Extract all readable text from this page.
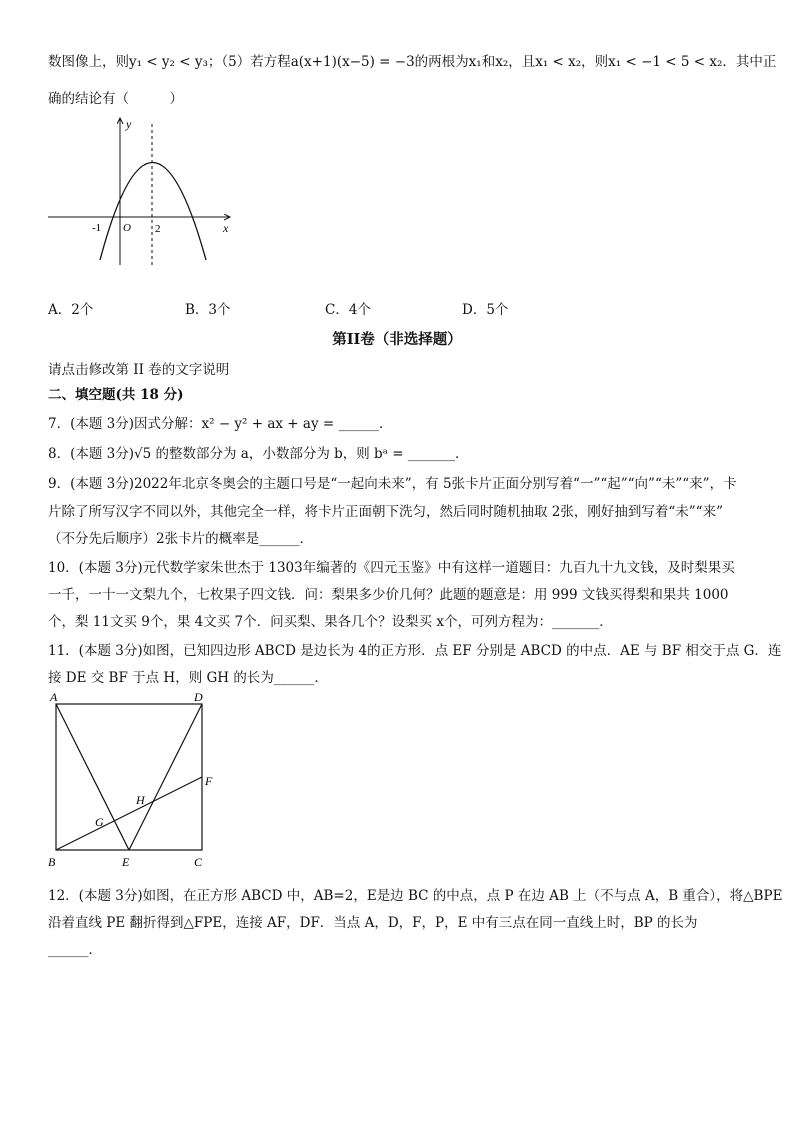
数图像上，则y₁ < y₂ < y₃；（5）若方程a(x+1)(x−5) = −3的两根为x₁和x₂，且x₁ < x₂，则x₁ < −1 < 5 < x₂．其中正
确的结论有（　　　）
y
x
-1 O 2
A．2个	B．3个	C．4个	D．5个
第II卷（非选择题）
请点击修改第 II 卷的文字说明
二、填空题(共 18 分)
7．(本题 3分)因式分解：x² − y² + ax + ay = ______．
8．(本题 3分)√5 的整数部分为 a，小数部分为 b，则 bᵃ = _______．
9．(本题 3分)2022年北京冬奥会的主题口号是“一起向未来”，有 5张卡片正面分别写着“一”“起”“向”“未”“来”，卡
片除了所写汉字不同以外，其他完全一样，将卡片正面朝下洗匀，然后同时随机抽取 2张，刚好抽到写着“未”“来”
（不分先后顺序）2张卡片的概率是______．
10．(本题 3分)元代数学家朱世杰于 1303年编著的《四元玉鉴》中有这样一道题目：九百九十九文钱，及时梨果买
一千，一十一文梨九个，七枚果子四文钱．问：梨果多少价几何？此题的题意是：用 999 文钱买得梨和果共 1000
个，梨 11文买 9个，果 4文买 7个．问买梨、果各几个？设梨买 x个，可列方程为：_______．
11．(本题 3分)如图，已知四边形 ABCD 是边长为 4的正方形．点 EF 分别是 ABCD 的中点．AE 与 BF 相交于点 G．连
接 DE 交 BF 于点 H，则 GH 的长为______．
A	D
B	C
E
F
G
H
12．(本题 3分)如图，在正方形 ABCD 中，AB=2，E是边 BC 的中点，点 P 在边 AB 上（不与点 A，B 重合），将△BPE
沿着直线 PE 翻折得到△FPE，连接 AF，DF．当点 A，D，F，P，E 中有三点在同一直线上时，BP 的长为
______．
